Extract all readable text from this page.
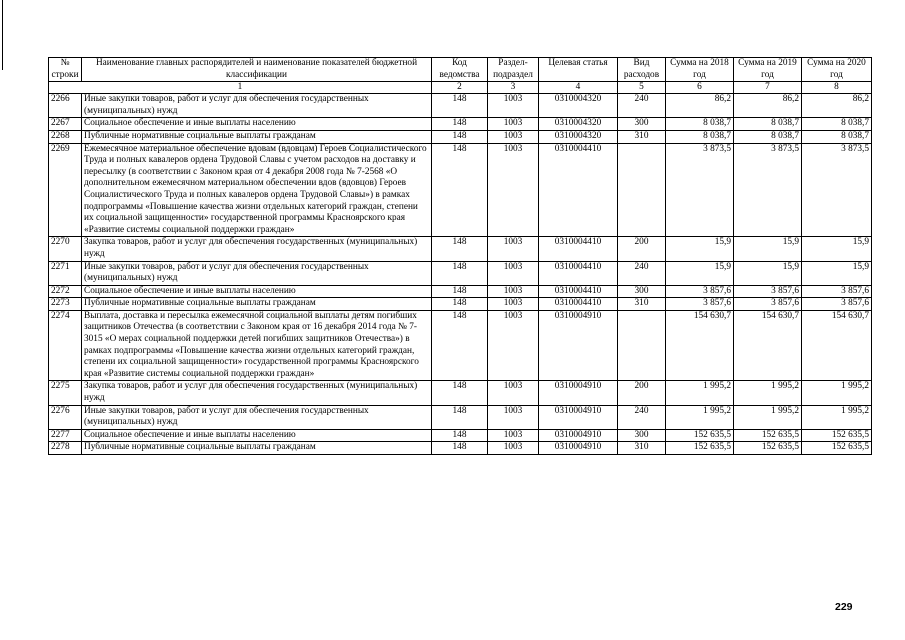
№ строки	Наименование главных распорядителей и наименование показателей бюджетной классификации	Код ведомства	Раздел-подраздел	Целевая статья	Вид расходов	Сумма на 2018 год	Сумма на 2019 год	Сумма на 2020 год
1		2	3	4	5	6	7	8
2266	Иные закупки товаров, работ и услуг для обеспечения государственных (муниципальных) нужд	148	1003	0310004320	240	86,2	86,2	86,2
2267	Социальное обеспечение и иные выплаты населению	148	1003	0310004320	300	8 038,7	8 038,7	8 038,7
2268	Публичные нормативные социальные выплаты гражданам	148	1003	0310004320	310	8 038,7	8 038,7	8 038,7
2269	Ежемесячное материальное обеспечение вдовам (вдовцам) Героев Социалистического Труда и полных кавалеров ордена Трудовой Славы с учетом расходов на доставку и пересылку (в соответствии с Законом края от 4 декабря 2008 года № 7-2568 «О дополнительном ежемесячном материальном обеспечении вдов (вдовцов) Героев Социалистического Труда и полных кавалеров ордена Трудовой Славы») в рамках подпрограммы «Повышение качества жизни отдельных категорий граждан, степени их социальной защищенности» государственной программы Красноярского края «Развитие системы социальной поддержки граждан»	148	1003	0310004410		3 873,5	3 873,5	3 873,5
2270	Закупка товаров, работ и услуг для обеспечения государственных (муниципальных) нужд	148	1003	0310004410	200	15,9	15,9	15,9
2271	Иные закупки товаров, работ и услуг для обеспечения государственных (муниципальных) нужд	148	1003	0310004410	240	15,9	15,9	15,9
2272	Социальное обеспечение и иные выплаты населению	148	1003	0310004410	300	3 857,6	3 857,6	3 857,6
2273	Публичные нормативные социальные выплаты гражданам	148	1003	0310004410	310	3 857,6	3 857,6	3 857,6
2274	Выплата, доставка и пересылка ежемесячной социальной выплаты детям погибших защитников Отечества (в соответствии с Законом края от 16 декабря 2014 года № 7-3015 «О мерах социальной поддержки детей погибших защитников Отечества») в рамках подпрограммы «Повышение качества жизни отдельных категорий граждан, степени их социальной защищенности» государственной программы Красноярского края «Развитие системы социальной поддержки граждан»	148	1003	0310004910		154 630,7	154 630,7	154 630,7
2275	Закупка товаров, работ и услуг для обеспечения государственных (муниципальных) нужд	148	1003	0310004910	200	1 995,2	1 995,2	1 995,2
2276	Иные закупки товаров, работ и услуг для обеспечения государственных (муниципальных) нужд	148	1003	0310004910	240	1 995,2	1 995,2	1 995,2
2277	Социальное обеспечение и иные выплаты населению	148	1003	0310004910	300	152 635,5	152 635,5	152 635,5
2278	Публичные нормативные социальные выплаты гражданам	148	1003	0310004910	310	152 635,5	152 635,5	152 635,5
229
